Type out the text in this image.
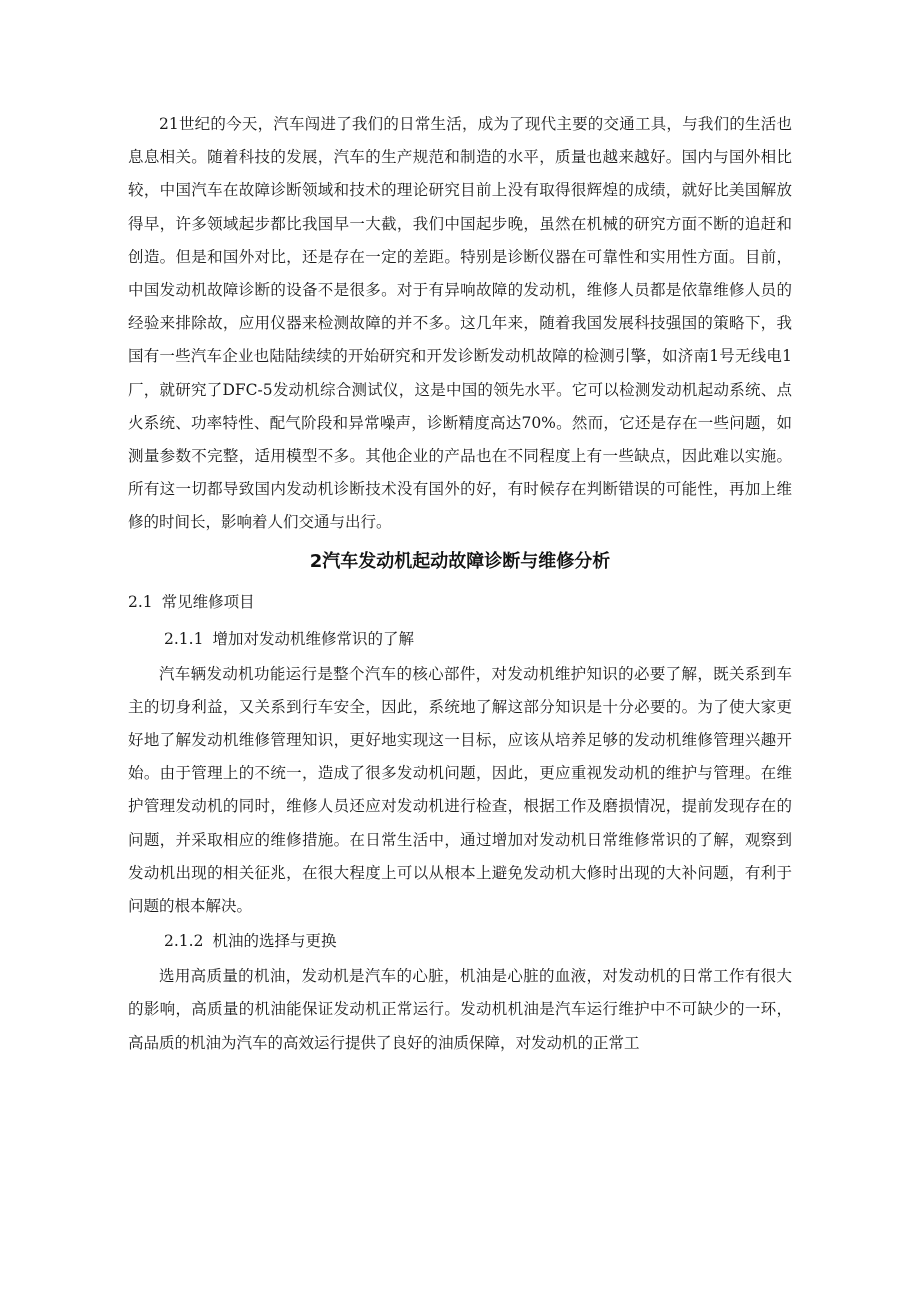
21世纪的今天，汽车闯进了我们的日常生活，成为了现代主要的交通工具，与我们的生活也息息相关。随着科技的发展，汽车的生产规范和制造的水平，质量也越来越好。国内与国外相比较，中国汽车在故障诊断领域和技术的理论研究目前上没有取得很辉煌的成绩，就好比美国解放得早，许多领域起步都比我国早一大截，我们中国起步晚，虽然在机械的研究方面不断的追赶和创造。但是和国外对比，还是存在一定的差距。特别是诊断仪器在可靠性和实用性方面。目前，中国发动机故障诊断的设备不是很多。对于有异响故障的发动机，维修人员都是依靠维修人员的经验来排除故，应用仪器来检测故障的并不多。这几年来，随着我国发展科技强国的策略下，我国有一些汽车企业也陆陆续续的开始研究和开发诊断发动机故障的检测引擎，如济南1号无线电1厂，就研究了DFC-5发动机综合测试仪，这是中国的领先水平。它可以检测发动机起动系统、点火系统、功率特性、配气阶段和异常噪声，诊断精度高达70%。然而，它还是存在一些问题，如测量参数不完整，适用模型不多。其他企业的产品也在不同程度上有一些缺点，因此难以实施。所有这一切都导致国内发动机诊断技术没有国外的好，有时候存在判断错误的可能性，再加上维修的时间长，影响着人们交通与出行。

2汽车发动机起动故障诊断与维修分析
2.1 常见维修项目
2.1.1 增加对发动机维修常识的了解

汽车辆发动机功能运行是整个汽车的核心部件，对发动机维护知识的必要了解，既关系到车主的切身利益，又关系到行车安全，因此，系统地了解这部分知识是十分必要的。为了使大家更好地了解发动机维修管理知识，更好地实现这一目标，应该从培养足够的发动机维修管理兴趣开始。由于管理上的不统一，造成了很多发动机问题，因此，更应重视发动机的维护与管理。在维护管理发动机的同时，维修人员还应对发动机进行检查，根据工作及磨损情况，提前发现存在的问题，并采取相应的维修措施。在日常生活中，通过增加对发动机日常维修常识的了解，观察到发动机出现的相关征兆，在很大程度上可以从根本上避免发动机大修时出现的大补问题，有利于问题的根本解决。

2.1.2 机油的选择与更换

选用高质量的机油，发动机是汽车的心脏，机油是心脏的血液，对发动机的日常工作有很大的影响，高质量的机油能保证发动机正常运行。发动机机油是汽车运行维护中不可缺少的一环，高品质的机油为汽车的高效运行提供了良好的油质保障，对发动机的正常工
